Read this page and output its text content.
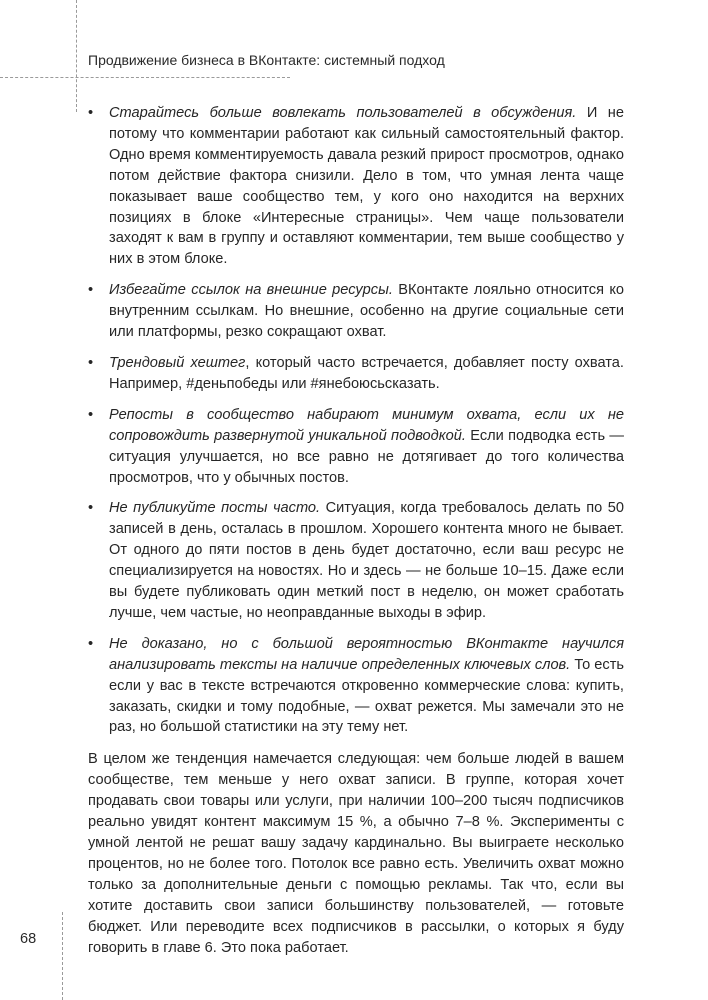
Продвижение бизнеса в ВКонтакте: системный подход
• Старайтесь больше вовлекать пользователей в обсуждения. И не потому что комментарии работают как сильный самостоятельный фактор. Одно время комментируемость давала резкий прирост просмотров, однако потом действие фактора снизили. Дело в том, что умная лента чаще показывает ваше сообщество тем, у кого оно находится на верхних позициях в блоке «Интересные страницы». Чем чаще пользователи заходят к вам в группу и оставляют комментарии, тем выше сообщество у них в этом блоке.
• Избегайте ссылок на внешние ресурсы. ВКонтакте лояльно относится ко внутренним ссылкам. Но внешние, особенно на другие социальные сети или платформы, резко сокращают охват.
• Трендовый хештег, который часто встречается, добавляет посту охвата. Например, #деньпобеды или #янебоюсьсказать.
• Репосты в сообщество набирают минимум охвата, если их не сопровождить развернутой уникальной подводкой. Если подводка есть — ситуация улучшается, но все равно не дотягивает до того количества просмотров, что у обычных постов.
• Не публикуйте посты часто. Ситуация, когда требовалось делать по 50 записей в день, осталась в прошлом. Хорошего контента много не бывает. От одного до пяти постов в день будет достаточно, если ваш ресурс не специализируется на новостях. Но и здесь — не больше 10–15. Даже если вы будете публиковать один меткий пост в неделю, он может сработать лучше, чем частые, но неоправданные выходы в эфир.
• Не доказано, но с большой вероятностью ВКонтакте научился анализировать тексты на наличие определенных ключевых слов. То есть если у вас в тексте встречаются откровенно коммерческие слова: купить, заказать, скидки и тому подобные, — охват режется. Мы замечали это не раз, но большой статистики на эту тему нет.

В целом же тенденция намечается следующая: чем больше людей в вашем сообществе, тем меньше у него охват записи. В группе, которая хочет продавать свои товары или услуги, при наличии 100–200 тысяч подписчиков реально увидят контент максимум 15 %, а обычно 7–8 %. Эксперименты с умной лентой не решат вашу задачу кардинально. Вы выиграете несколько процентов, но не более того. Потолок все равно есть. Увеличить охват можно только за дополнительные деньги с помощью рекламы. Так что, если вы хотите доставить свои записи большинству пользователей, — готовьте бюджет. Или переводите всех подписчиков в рассылки, о которых я буду говорить в главе 6. Это пока работает.

68
